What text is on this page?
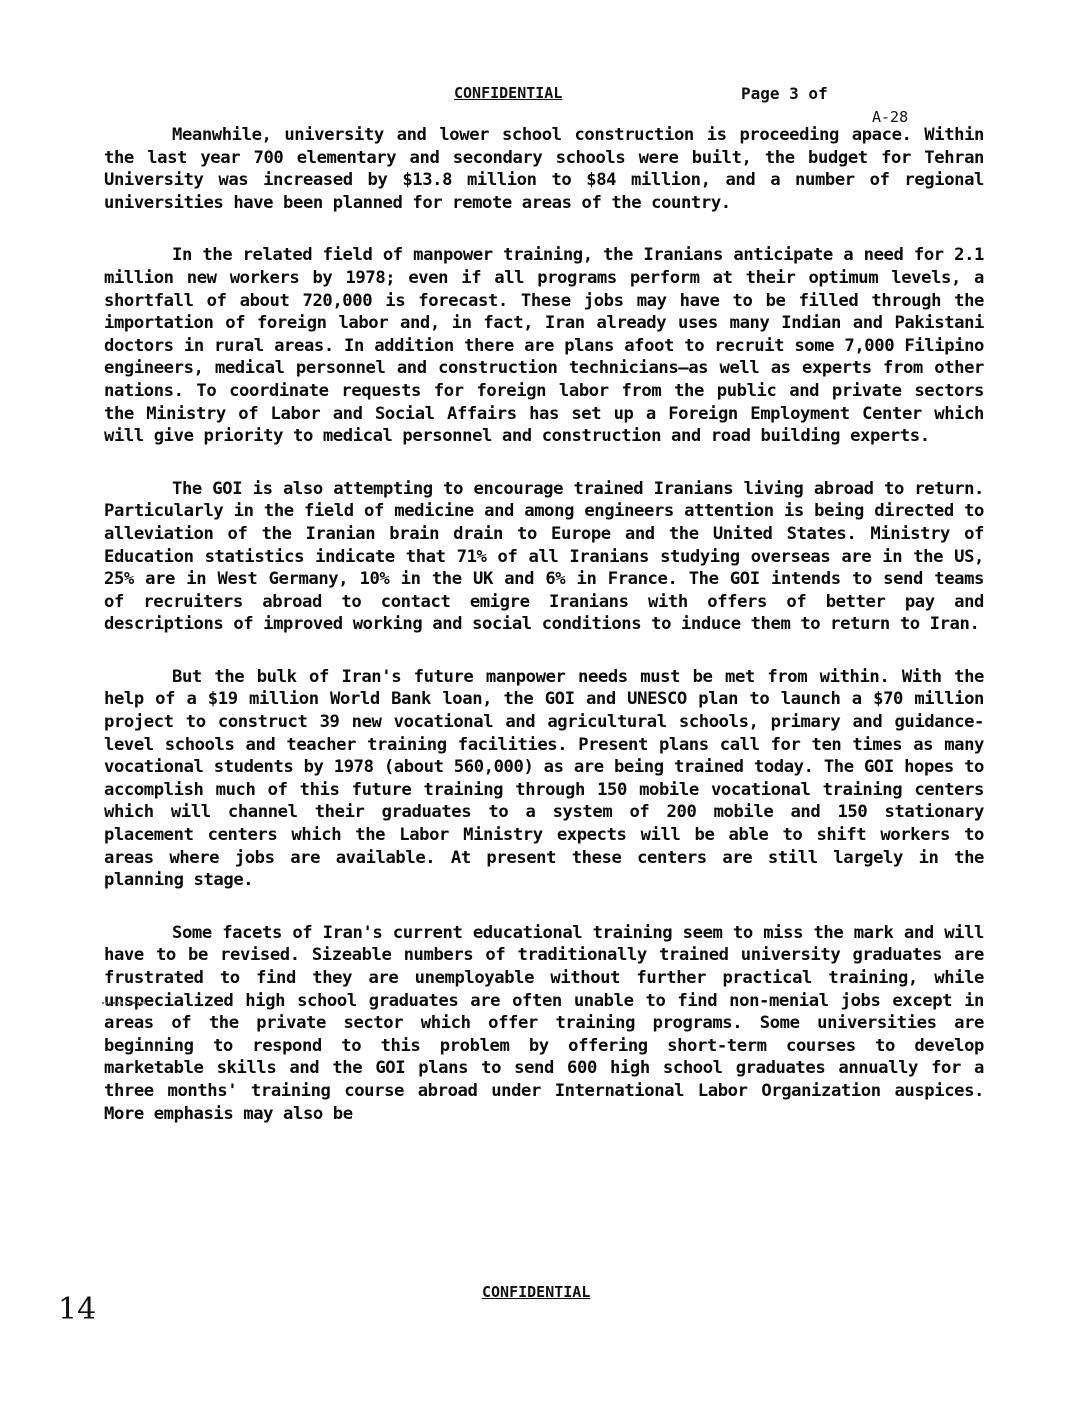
CONFIDENTIAL	Page 3 of
A-28

Meanwhile, university and lower school construction is proceeding apace. Within the last year 700 elementary and secondary schools were built, the budget for Tehran University was increased by $13.8 million to $84 million, and a number of regional universities have been planned for remote areas of the country.

In the related field of manpower training, the Iranians anticipate a need for 2.1 million new workers by 1978; even if all programs perform at their optimum levels, a shortfall of about 720,000 is forecast. These jobs may have to be filled through the importation of foreign labor and, in fact, Iran already uses many Indian and Pakistani doctors in rural areas. In addition there are plans afoot to recruit some 7,000 Filipino engineers, medical personnel and construction technicians—as well as experts from other nations. To coordinate requests for foreign labor from the public and private sectors the Ministry of Labor and Social Affairs has set up a Foreign Employment Center which will give priority to medical personnel and construction and road building experts.

The GOI is also attempting to encourage trained Iranians living abroad to return. Particularly in the field of medicine and among engineers attention is being directed to alleviation of the Iranian brain drain to Europe and the United States. Ministry of Education statistics indicate that 71% of all Iranians studying overseas are in the US, 25% are in West Germany, 10% in the UK and 6% in France. The GOI intends to send teams of recruiters abroad to contact emigre Iranians with offers of better pay and descriptions of improved working and social conditions to induce them to return to Iran.

But the bulk of Iran's future manpower needs must be met from within. With the help of a $19 million World Bank loan, the GOI and UNESCO plan to launch a $70 million project to construct 39 new vocational and agricultural schools, primary and guidance-level schools and teacher training facilities. Present plans call for ten times as many vocational students by 1978 (about 560,000) as are being trained today. The GOI hopes to accomplish much of this future training through 150 mobile vocational training centers which will channel their graduates to a system of 200 mobile and 150 stationary placement centers which the Labor Ministry expects will be able to shift workers to areas where jobs are available. At present these centers are still largely in the planning stage.

Some facets of Iran's current educational training seem to miss the mark and will have to be revised. Sizeable numbers of traditionally trained university graduates are frustrated to find they are unemployable without further practical training, while unspecialized high school graduates are often unable to find non-menial jobs except in areas of the private sector which offer training programs. Some universities are beginning to respond to this problem by offering short-term courses to develop marketable skills and the GOI plans to send 600 high school graduates annually for a three months' training course abroad under International Labor Organization auspices. More emphasis may also be

14	CONFIDENTIAL
